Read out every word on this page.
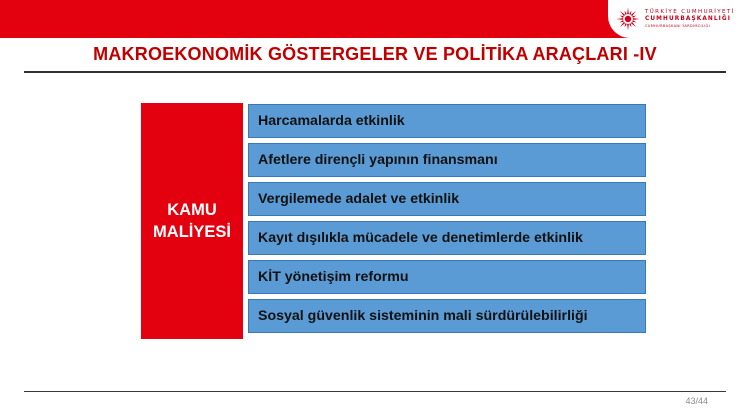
TÜRKİYE CUMHURİYETİ
CUMHURBAŞKANLIĞI
CUMHURBAŞKANI YARDIMCILIĞI
MAKROEKONOMİK GÖSTERGELER VE POLİTİKA ARAÇLARI -IV
KAMU
MALİYESİ
Harcamalarda etkinlik
Afetlere dirençli yapının finansmanı
Vergilemede adalet ve etkinlik
Kayıt dışılıkla mücadele ve denetimlerde etkinlik
KİT yönetişim reformu
Sosyal güvenlik sisteminin mali sürdürülebilirliği
43/44
